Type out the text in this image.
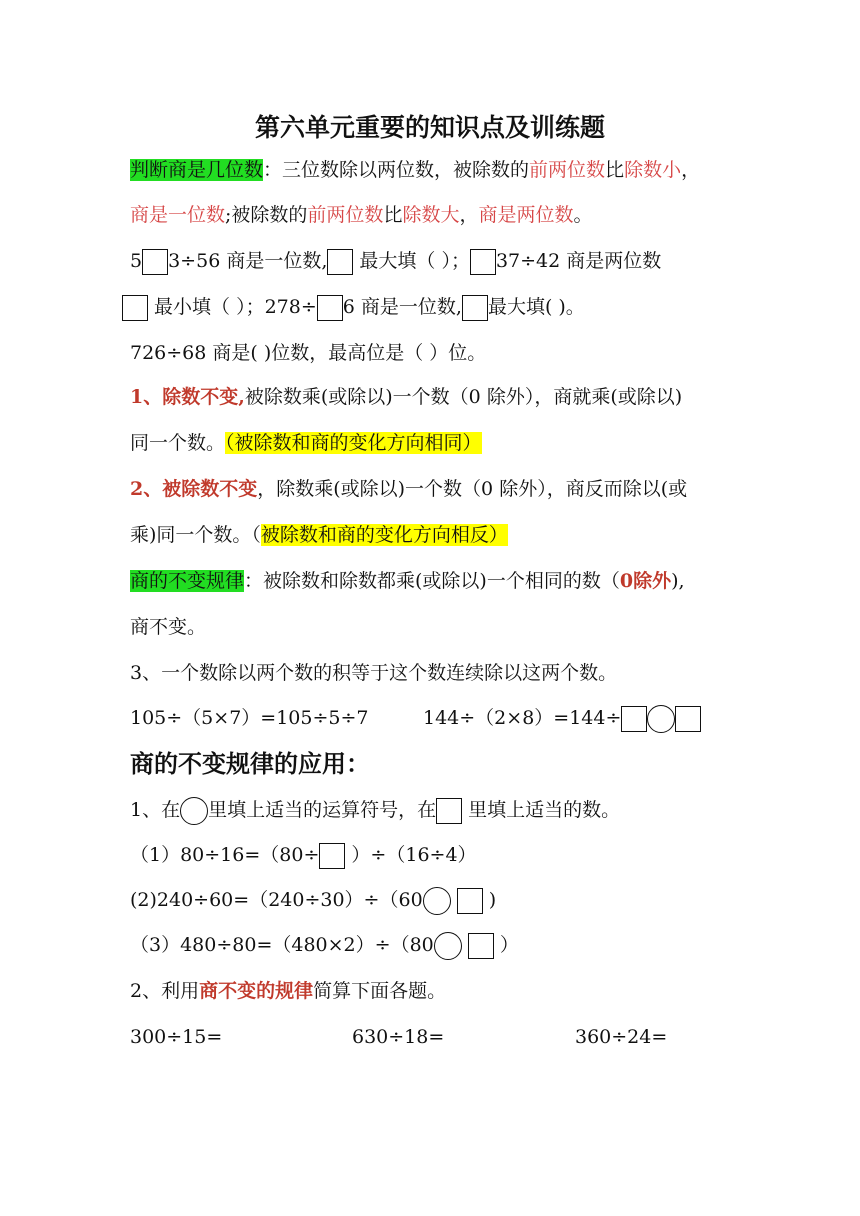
第六单元重要的知识点及训练题
判断商是几位数：三位数除以两位数，被除数的前两位数比除数小，
商是一位数;被除数的前两位数比除数大，商是两位数。
5 3÷56 商是一位数, 最大填（ ）； 37÷42 商是两位数
最小填（ ）；278÷ 6 商是一位数, 最大填( )。
726÷68 商是( )位数，最高位是（ ）位。
1、除数不变,被除数乘(或除以)一个数（0 除外），商就乘(或除以)
同一个数。（被除数和商的变化方向相同）
2、被除数不变，除数乘(或除以)一个数（0 除外），商反而除以(或
乘)同一个数。（被除数和商的变化方向相反）
商的不变规律：被除数和除数都乘(或除以)一个相同的数（0除外),
商不变。
3、一个数除以两个数的积等于这个数连续除以这两个数。
105÷（5×7）=105÷5÷7	144÷（2×8）=144÷
商的不变规律的应用：
1、在 里填上适当的运算符号，在 里填上适当的数。
（1）80÷16=（80÷ ）÷（16÷4）
(2)240÷60=（240÷30）÷（60	)
（3）480÷80=（480×2）÷（80	）
2、利用商不变的规律简算下面各题。
300÷15=	630÷18=	360÷24=
